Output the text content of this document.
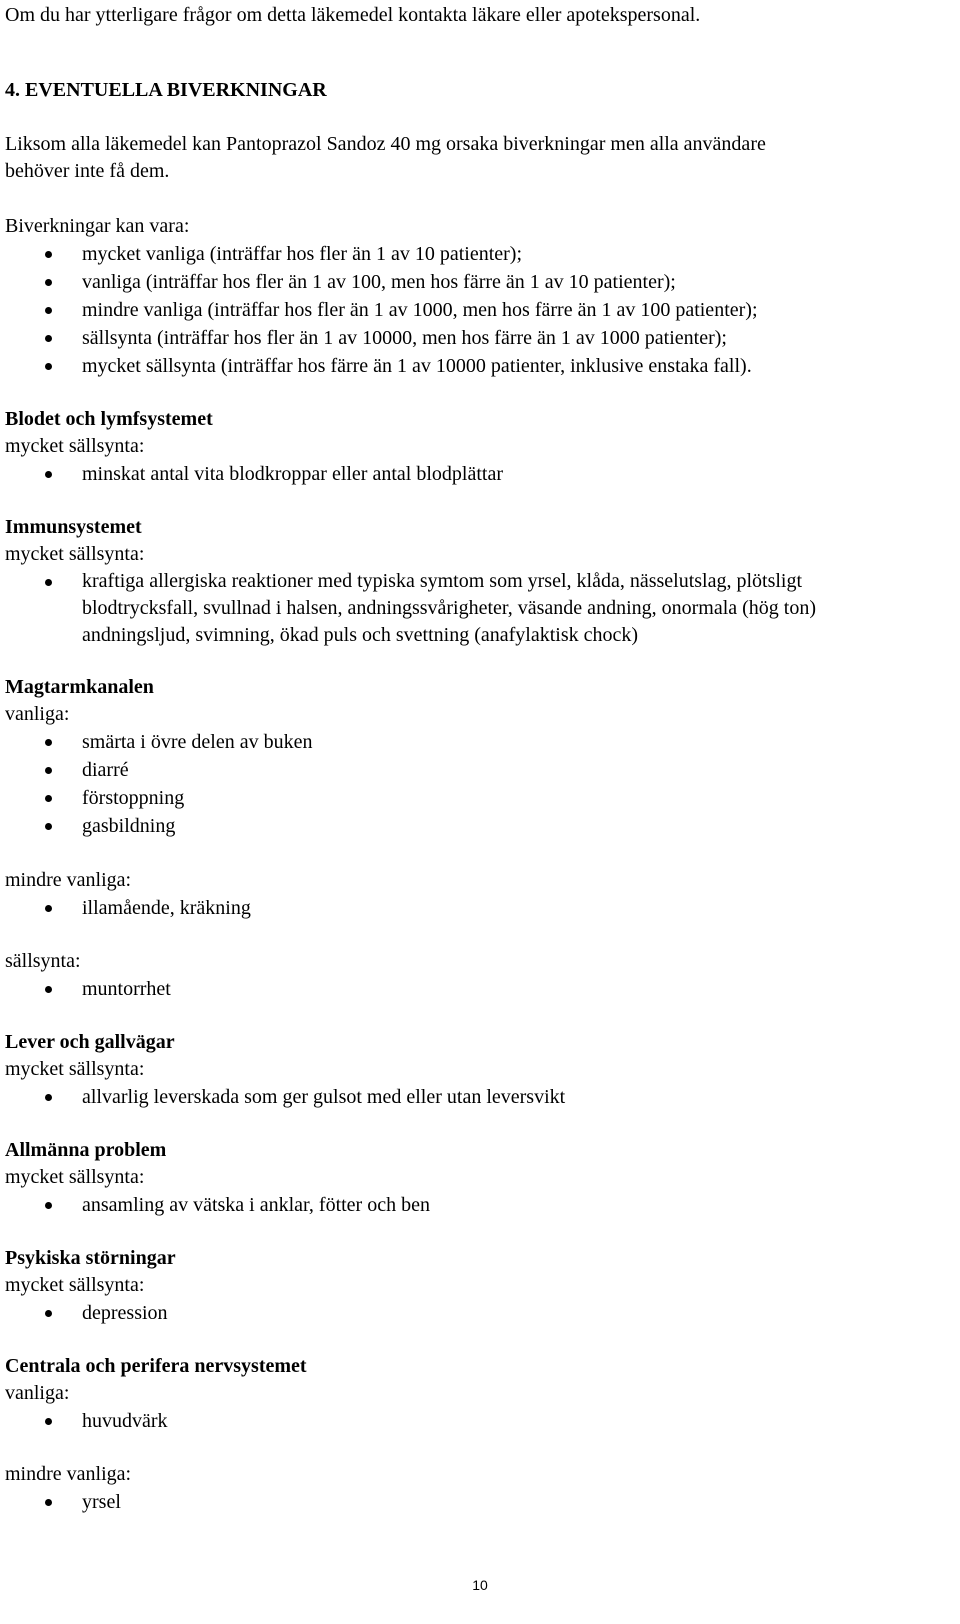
Om du har ytterligare frågor om detta läkemedel kontakta läkare eller apotekspersonal.
4. EVENTUELLA BIVERKNINGAR
Liksom alla läkemedel kan Pantoprazol Sandoz 40 mg orsaka biverkningar men alla användare
behöver inte få dem.
Biverkningar kan vara:
mycket vanliga (inträffar hos fler än 1 av 10 patienter);
vanliga (inträffar hos fler än 1 av 100, men hos färre än 1 av 10 patienter);
mindre vanliga (inträffar hos fler än 1 av 1000, men hos färre än 1 av 100 patienter);
sällsynta (inträffar hos fler än 1 av 10000, men hos färre än 1 av 1000 patienter);
mycket sällsynta (inträffar hos färre än 1 av 10000 patienter, inklusive enstaka fall).
Blodet och lymfsystemet
mycket sällsynta:
minskat antal vita blodkroppar eller antal blodplättar
Immunsystemet
mycket sällsynta:
kraftiga allergiska reaktioner med typiska symtom som yrsel, klåda, nässelutslag, plötsligt
blodtrycksfall, svullnad i halsen, andningssvårigheter, väsande andning, onormala (hög ton)
andningsljud, svimning, ökad puls och svettning (anafylaktisk chock)
Magtarmkanalen
vanliga:
smärta i övre delen av buken
diarré
förstoppning
gasbildning
mindre vanliga:
illamående, kräkning
sällsynta:
muntorrhet
Lever och gallvägar
mycket sällsynta:
allvarlig leverskada som ger gulsot med eller utan leversvikt
Allmänna problem
mycket sällsynta:
ansamling av vätska i anklar, fötter och ben
Psykiska störningar
mycket sällsynta:
depression
Centrala och perifera nervsystemet
vanliga:
huvudvärk
mindre vanliga:
yrsel
10
